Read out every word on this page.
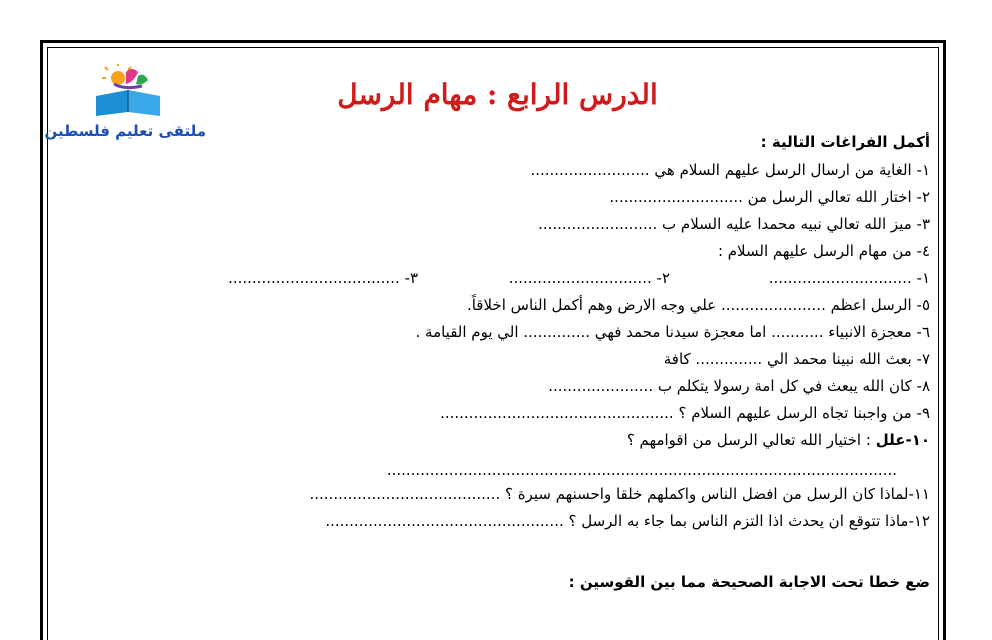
ملتقى تعليم فلسطين
الدرس الرابع : مهام الرسل
أكمل الفراغات التالية :
١- الغاية من ارسال الرسل عليهم السلام هي .........................
٢- اختار الله تعالي الرسل من ............................
٣- ميز الله تعالي نبيه محمدا عليه السلام ب .........................
٤- من مهام الرسل عليهم السلام :
١- ..............................
٢- ..............................
٣- ....................................
٥- الرسل اعظم ...................... علي وجه الارض وهم أكمل الناس اخلاقاً.
٦- معجزة الانبياء ........... اما معجزة سيدنا محمد فهي .............. الي يوم القيامة .
٧- بعث الله نبينا محمد الي .............. كافة
٨- كان الله يبعث في كل امة رسولا يتكلم ب ......................
٩- من واجبنا تجاه الرسل عليهم السلام ؟ .................................................
١٠-علل : اختيار الله تعالي الرسل من اقوامهم ؟
...........................................................................................................
١١-لماذا كان الرسل من افضل الناس واكملهم خلقا واحسنهم سيرة ؟ ........................................
١٢-ماذا تتوقع ان يحدث اذا التزم الناس بما جاء به الرسل ؟ ..................................................
ضع خطا تحت الاجابة الصحيحة مما بين القوسين :
